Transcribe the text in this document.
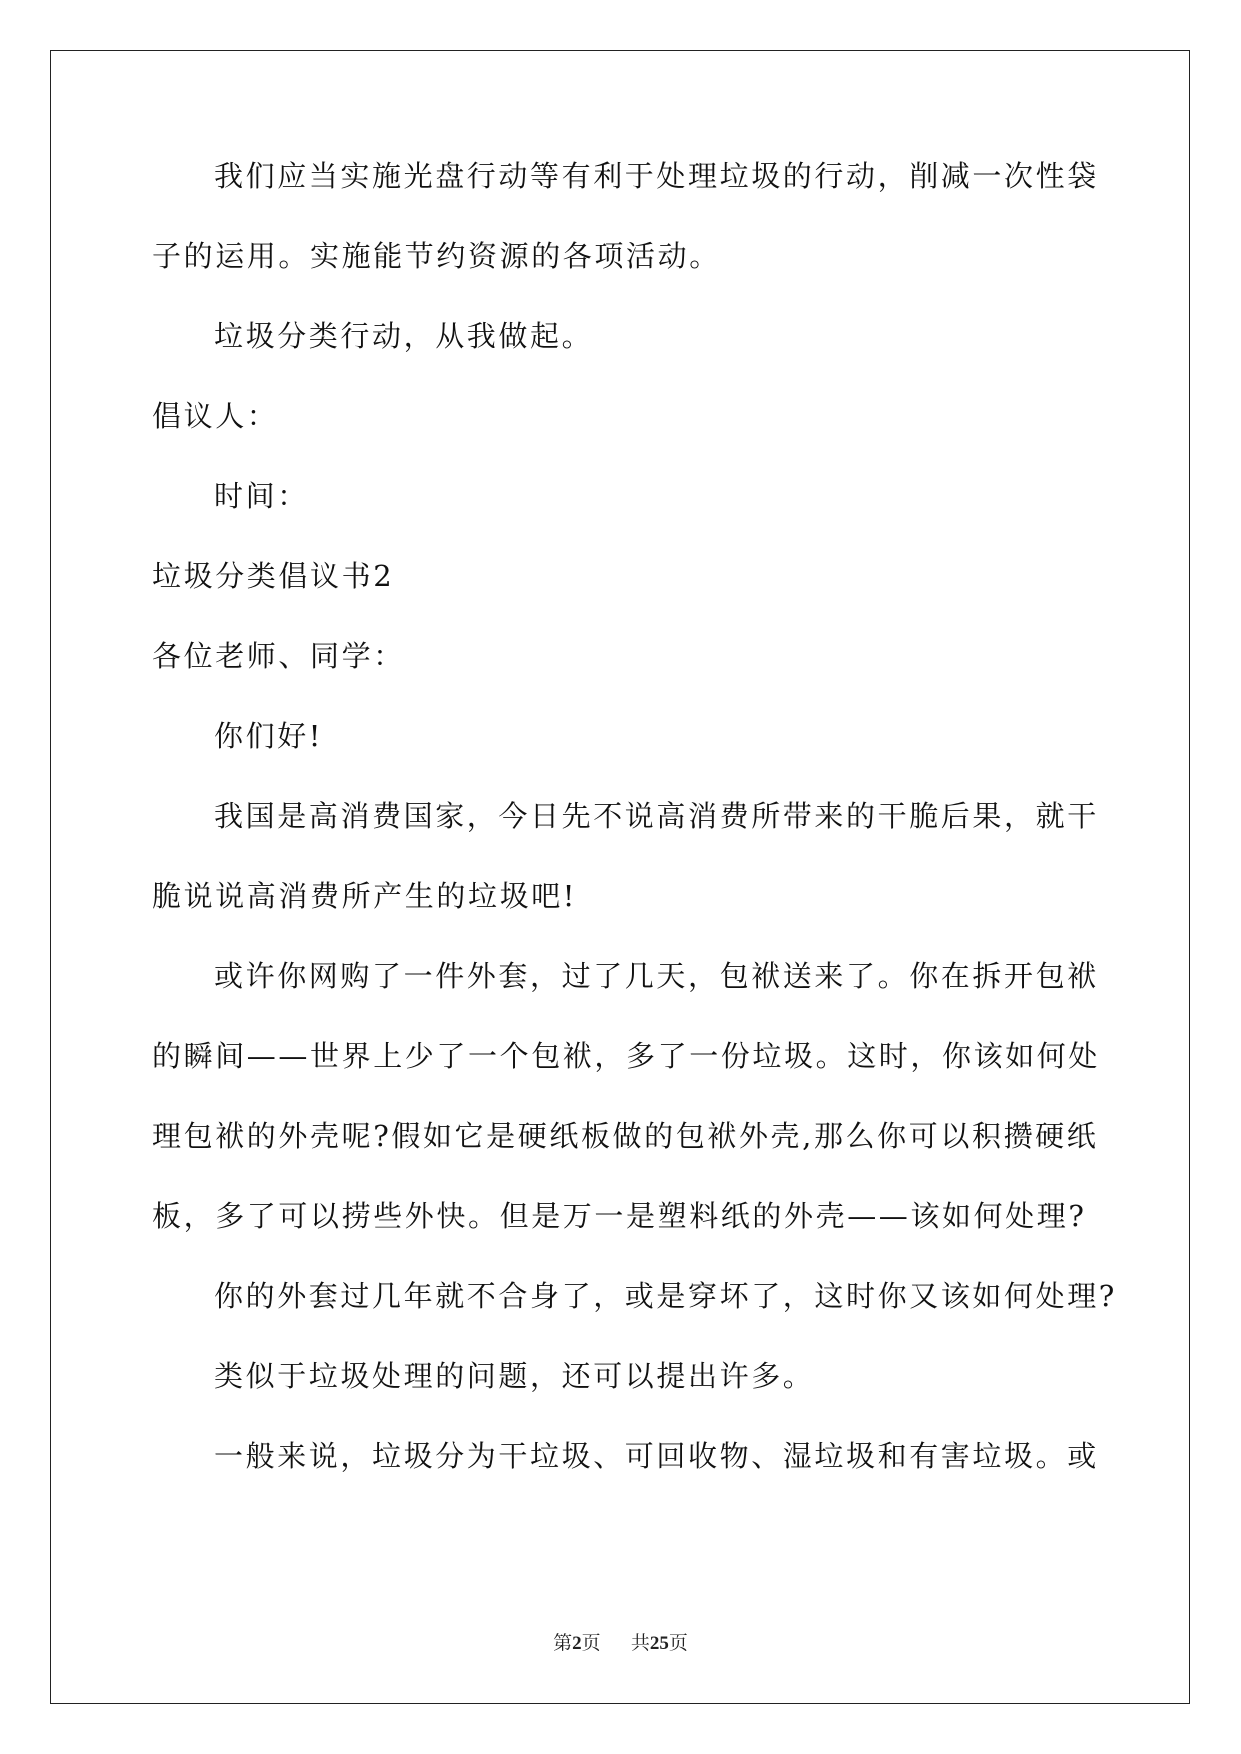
我们应当实施光盘行动等有利于处理垃圾的行动，削减一次性袋
子的运用。实施能节约资源的各项活动。
垃圾分类行动，从我做起。
倡议人：
时间：
垃圾分类倡议书2
各位老师、同学：
你们好!
我国是高消费国家，今日先不说高消费所带来的干脆后果，就干
脆说说高消费所产生的垃圾吧!
或许你网购了一件外套，过了几天，包袱送来了。你在拆开包袱
的瞬间——世界上少了一个包袱，多了一份垃圾。这时，你该如何处
理包袱的外壳呢?假如它是硬纸板做的包袱外壳,那么你可以积攒硬纸
板，多了可以捞些外快。但是万一是塑料纸的外壳——该如何处理?
你的外套过几年就不合身了，或是穿坏了，这时你又该如何处理?
类似于垃圾处理的问题，还可以提出许多。
一般来说，垃圾分为干垃圾、可回收物、湿垃圾和有害垃圾。或
第2页 共25页
